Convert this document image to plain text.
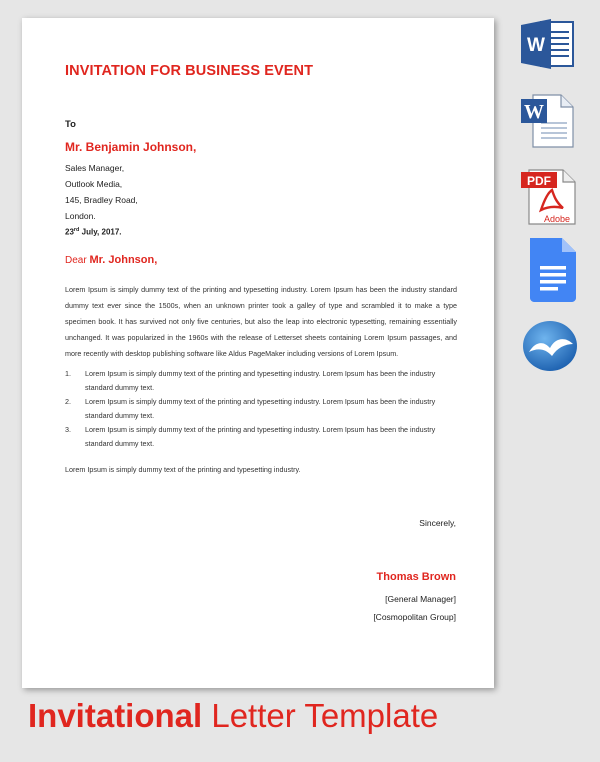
INVITATION FOR BUSINESS EVENT
To
Mr. Benjamin Johnson,
Sales Manager,
Outlook Media,
145, Bradley Road,
London.
23rd July, 2017.
Dear Mr. Johnson,
Lorem Ipsum is simply dummy text of the printing and typesetting industry. Lorem Ipsum has been the industry standard dummy text ever since the 1500s, when an unknown printer took a galley of type and scrambled it to make a type specimen book. It has survived not only five centuries, but also the leap into electronic typesetting, remaining essentially unchanged. It was popularized in the 1960s with the release of Letterset sheets containing Lorem Ipsum passages, and more recently with desktop publishing software like Aldus PageMaker including versions of Lorem Ipsum.
1. Lorem Ipsum is simply dummy text of the printing and typesetting industry. Lorem Ipsum has been the industry standard dummy text.
2. Lorem Ipsum is simply dummy text of the printing and typesetting industry. Lorem Ipsum has been the industry standard dummy text.
3. Lorem Ipsum is simply dummy text of the printing and typesetting industry. Lorem Ipsum has been the industry standard dummy text.
Lorem Ipsum is simply dummy text of the printing and typesetting industry.
Sincerely,
Thomas Brown
[General Manager]
[Cosmopolitan Group]
W
W
PDF
Adobe
Invitational Letter Template
